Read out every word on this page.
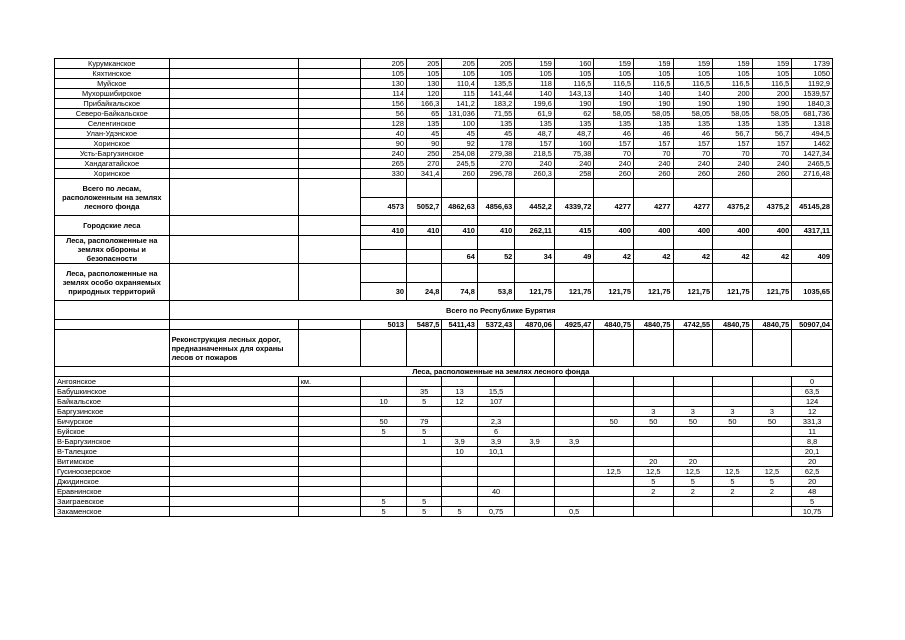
Курумканское			205	205	205	205	159	160	159	159	159	159	159	1739
Кяхтинское			105	105	105	105	105	105	105	105	105	105	105	1050
Муйское			130	130	110,4	135,5	118	116,5	116,5	116,5	116,5	116,5	116,5	1192,9
Мухоршибирское			114	120	115	141,44	140	143,13	140	140	140	200	200	1539,57
Прибайкальское			156	166,3	141,2	183,2	199,6	190	190	190	190	190	190	1840,3
Северо-Байкальское			56	65	131,036	71,55	61,9	62	58,05	58,05	58,05	58,05	58,05	681,736
Селенгинское			128	135	100	135	135	135	135	135	135	135	135	1318
Улан-Удэнское			40	45	45	45	48,7	48,7	46	46	46	56,7	56,7	494,5
Хоринское			90	90	92	178	157	160	157	157	157	157	157	1462
Усть-Баргузинское			240	250	254,08	279,38	218,5	75,38	70	70	70	70	70	1427,34
Хандагатайское			265	270	245,5	270	240	240	240	240	240	240	240	2465,5
Хоринское			330	341,4	260	296,78	260,3	258	260	260	260	260	260	2716,48
Всего по лесам, расположенным на землях лесного фонда														
			4573	5052,7	4862,63	4856,63	4452,2	4339,72	4277	4277	4277	4375,2	4375,2	45145,28
Городские леса														
			410	410	410	410	262,11	415	400	400	400	400	400	4317,11
Леса, расположенные на землях обороны и безопасности														
					64	52	34	49	42	42	42	42	42	409
Леса, расположенные на землях особо охраняемых природных территорий														
			30	24,8	74,8	53,8	121,75	121,75	121,75	121,75	121,75	121,75	121,75	1035,65
	Всего по Республике Бурятия													
			5013	5487,5	5411,43	5372,43	4870,06	4925,47	4840,75	4840,75	4742,55	4840,75	4840,75	50907,04
	Реконструкция лесных дорог, предназначенных для охраны лесов от пожаров													
	Леса, расположенные на землях лесного фонда													
Ангоянское		км.												0
Бабушкинское				35	13	15,5								63,5
Байкальское			10	5	12	107								124
Баргузинское										3	3	3	3	12
Бичурское			50	79		2,3			50	50	50	50	50	331,3
Буйское			5	5		6								11
В-Баргузинское				1	3,9	3,9	3,9	3,9						8,8
В-Талецкое					10	10,1								20,1
Витимское										20	20			20
Гусиноозерское									12,5	12,5	12,5	12,5	12,5	62,5
Джидинское										5	5	5	5	20
Еравнинское						40				2	2	2	2	48
Заиграевское			5	5										5
Закаменское			5	5	5	0,75		0,5						10,75
